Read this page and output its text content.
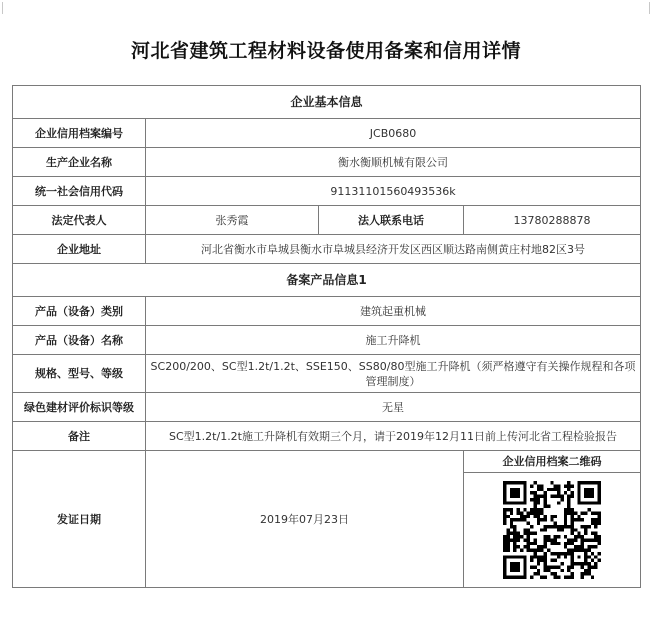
河北省建筑工程材料设备使用备案和信用详情
企业基本信息			
企业信用档案编号	JCB0680		
生产企业名称	衡水衡顺机械有限公司		
统一社会信用代码	91131101560493536k		
法定代表人	张秀霞	法人联系电话	13780288878
企业地址	河北省衡水市阜城县衡水市阜城县经济开发区西区顺达路南侧黄庄村地82区3号		
备案产品信息1			
产品（设备）类别	建筑起重机械		
产品（设备）名称	施工升降机		
规格、型号、等级	SC200/200、SC型1.2t/1.2t、SSE150、SS80/80型施工升降机（须严格遵守有关操作规程和各项管理制度）		
绿色建材评价标识等级	无星		
备注	SC型1.2t/1.2t施工升降机有效期三个月，请于2019年12月11日前上传河北省工程检验报告		
发证日期	2019年07月23日		企业信用档案二维码
